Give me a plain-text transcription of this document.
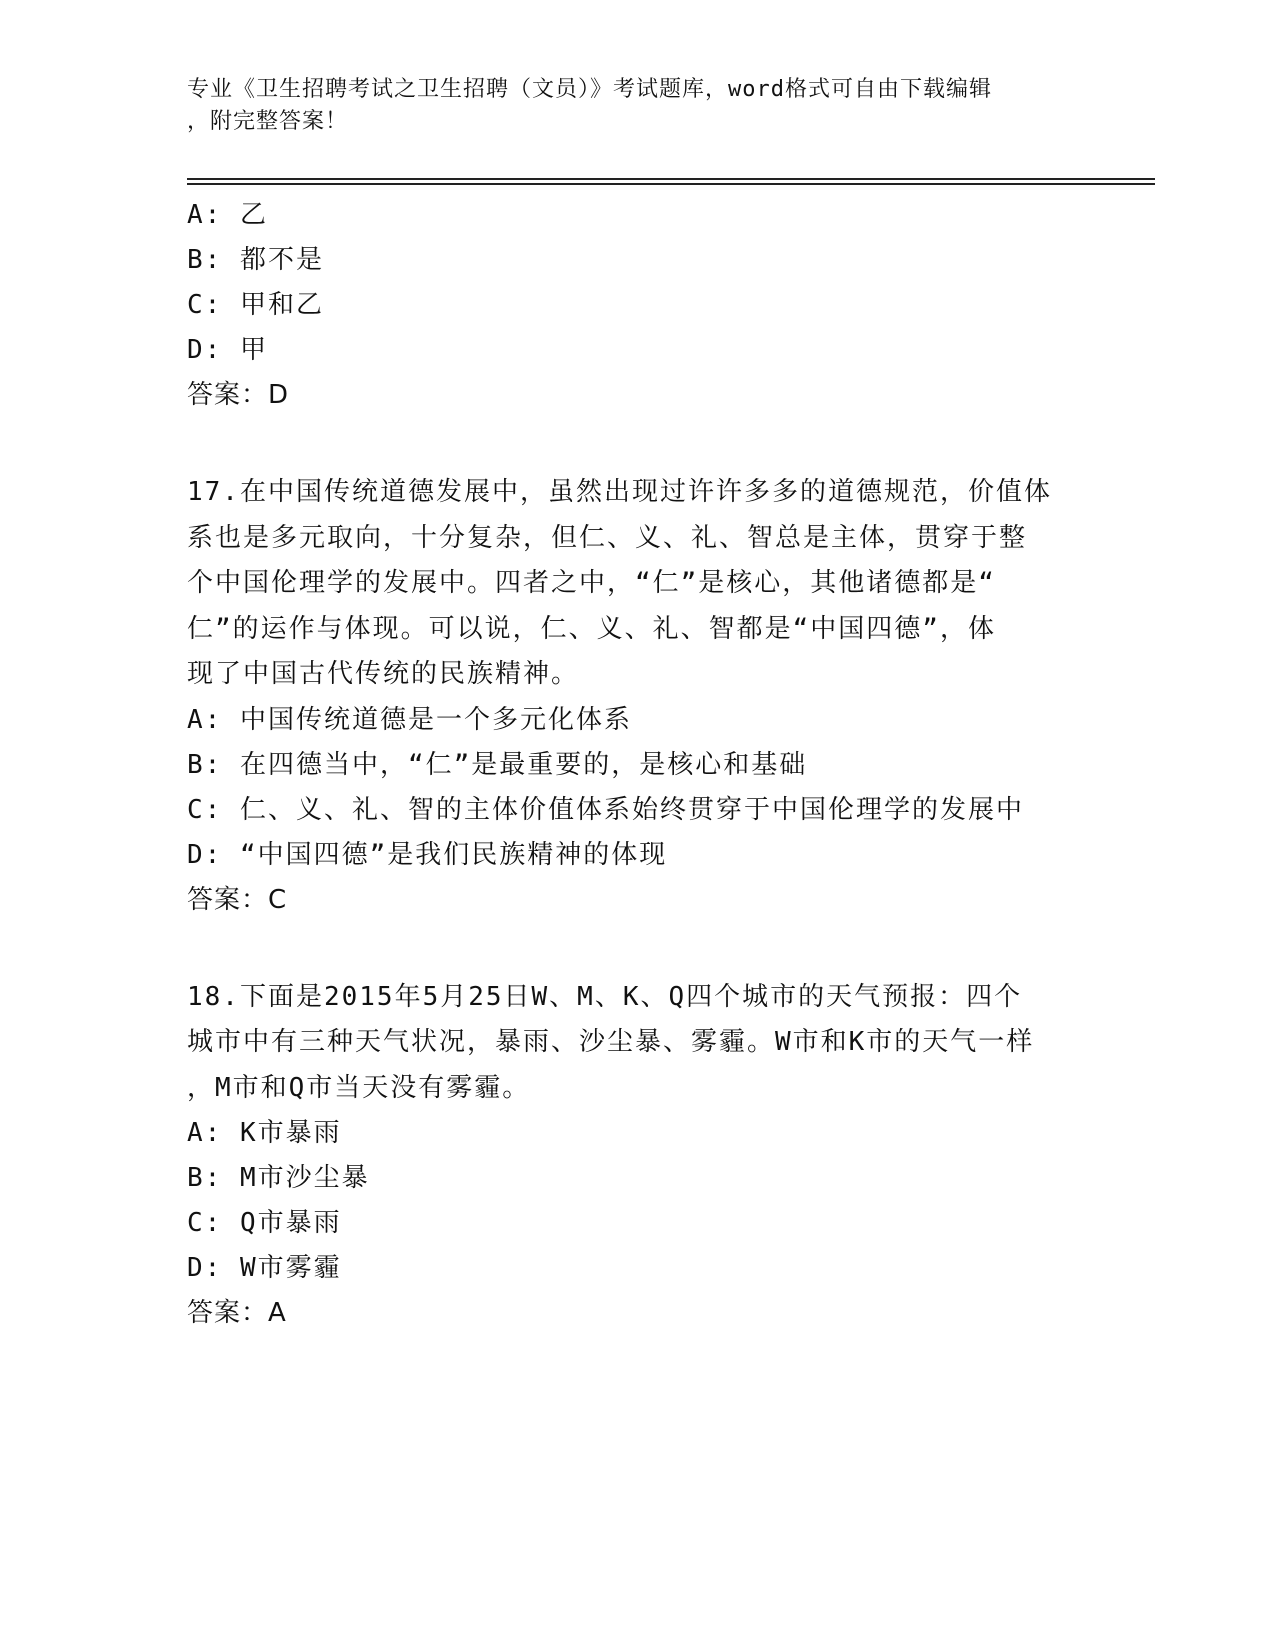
专业《卫生招聘考试之卫生招聘（文员）》考试题库，word格式可自由下载编辑
，附完整答案！
A: 乙
B: 都不是
C: 甲和乙
D: 甲
答案：D
17.在中国传统道德发展中，虽然出现过许许多多的道德规范，价值体
系也是多元取向，十分复杂，但仁、义、礼、智总是主体，贯穿于整
个中国伦理学的发展中。四者之中，“仁”是核心，其他诸德都是“
仁”的运作与体现。可以说，仁、义、礼、智都是“中国四德”，体
现了中国古代传统的民族精神。
A: 中国传统道德是一个多元化体系
B: 在四德当中，“仁”是最重要的，是核心和基础
C: 仁、义、礼、智的主体价值体系始终贯穿于中国伦理学的发展中
D: “中国四德”是我们民族精神的体现
答案：C
18.下面是2015年5月25日W、M、K、Q四个城市的天气预报：四个
城市中有三种天气状况，暴雨、沙尘暴、雾霾。W市和K市的天气一样
，M市和Q市当天没有雾霾。
A: K市暴雨
B: M市沙尘暴
C: Q市暴雨
D: W市雾霾
答案：A
